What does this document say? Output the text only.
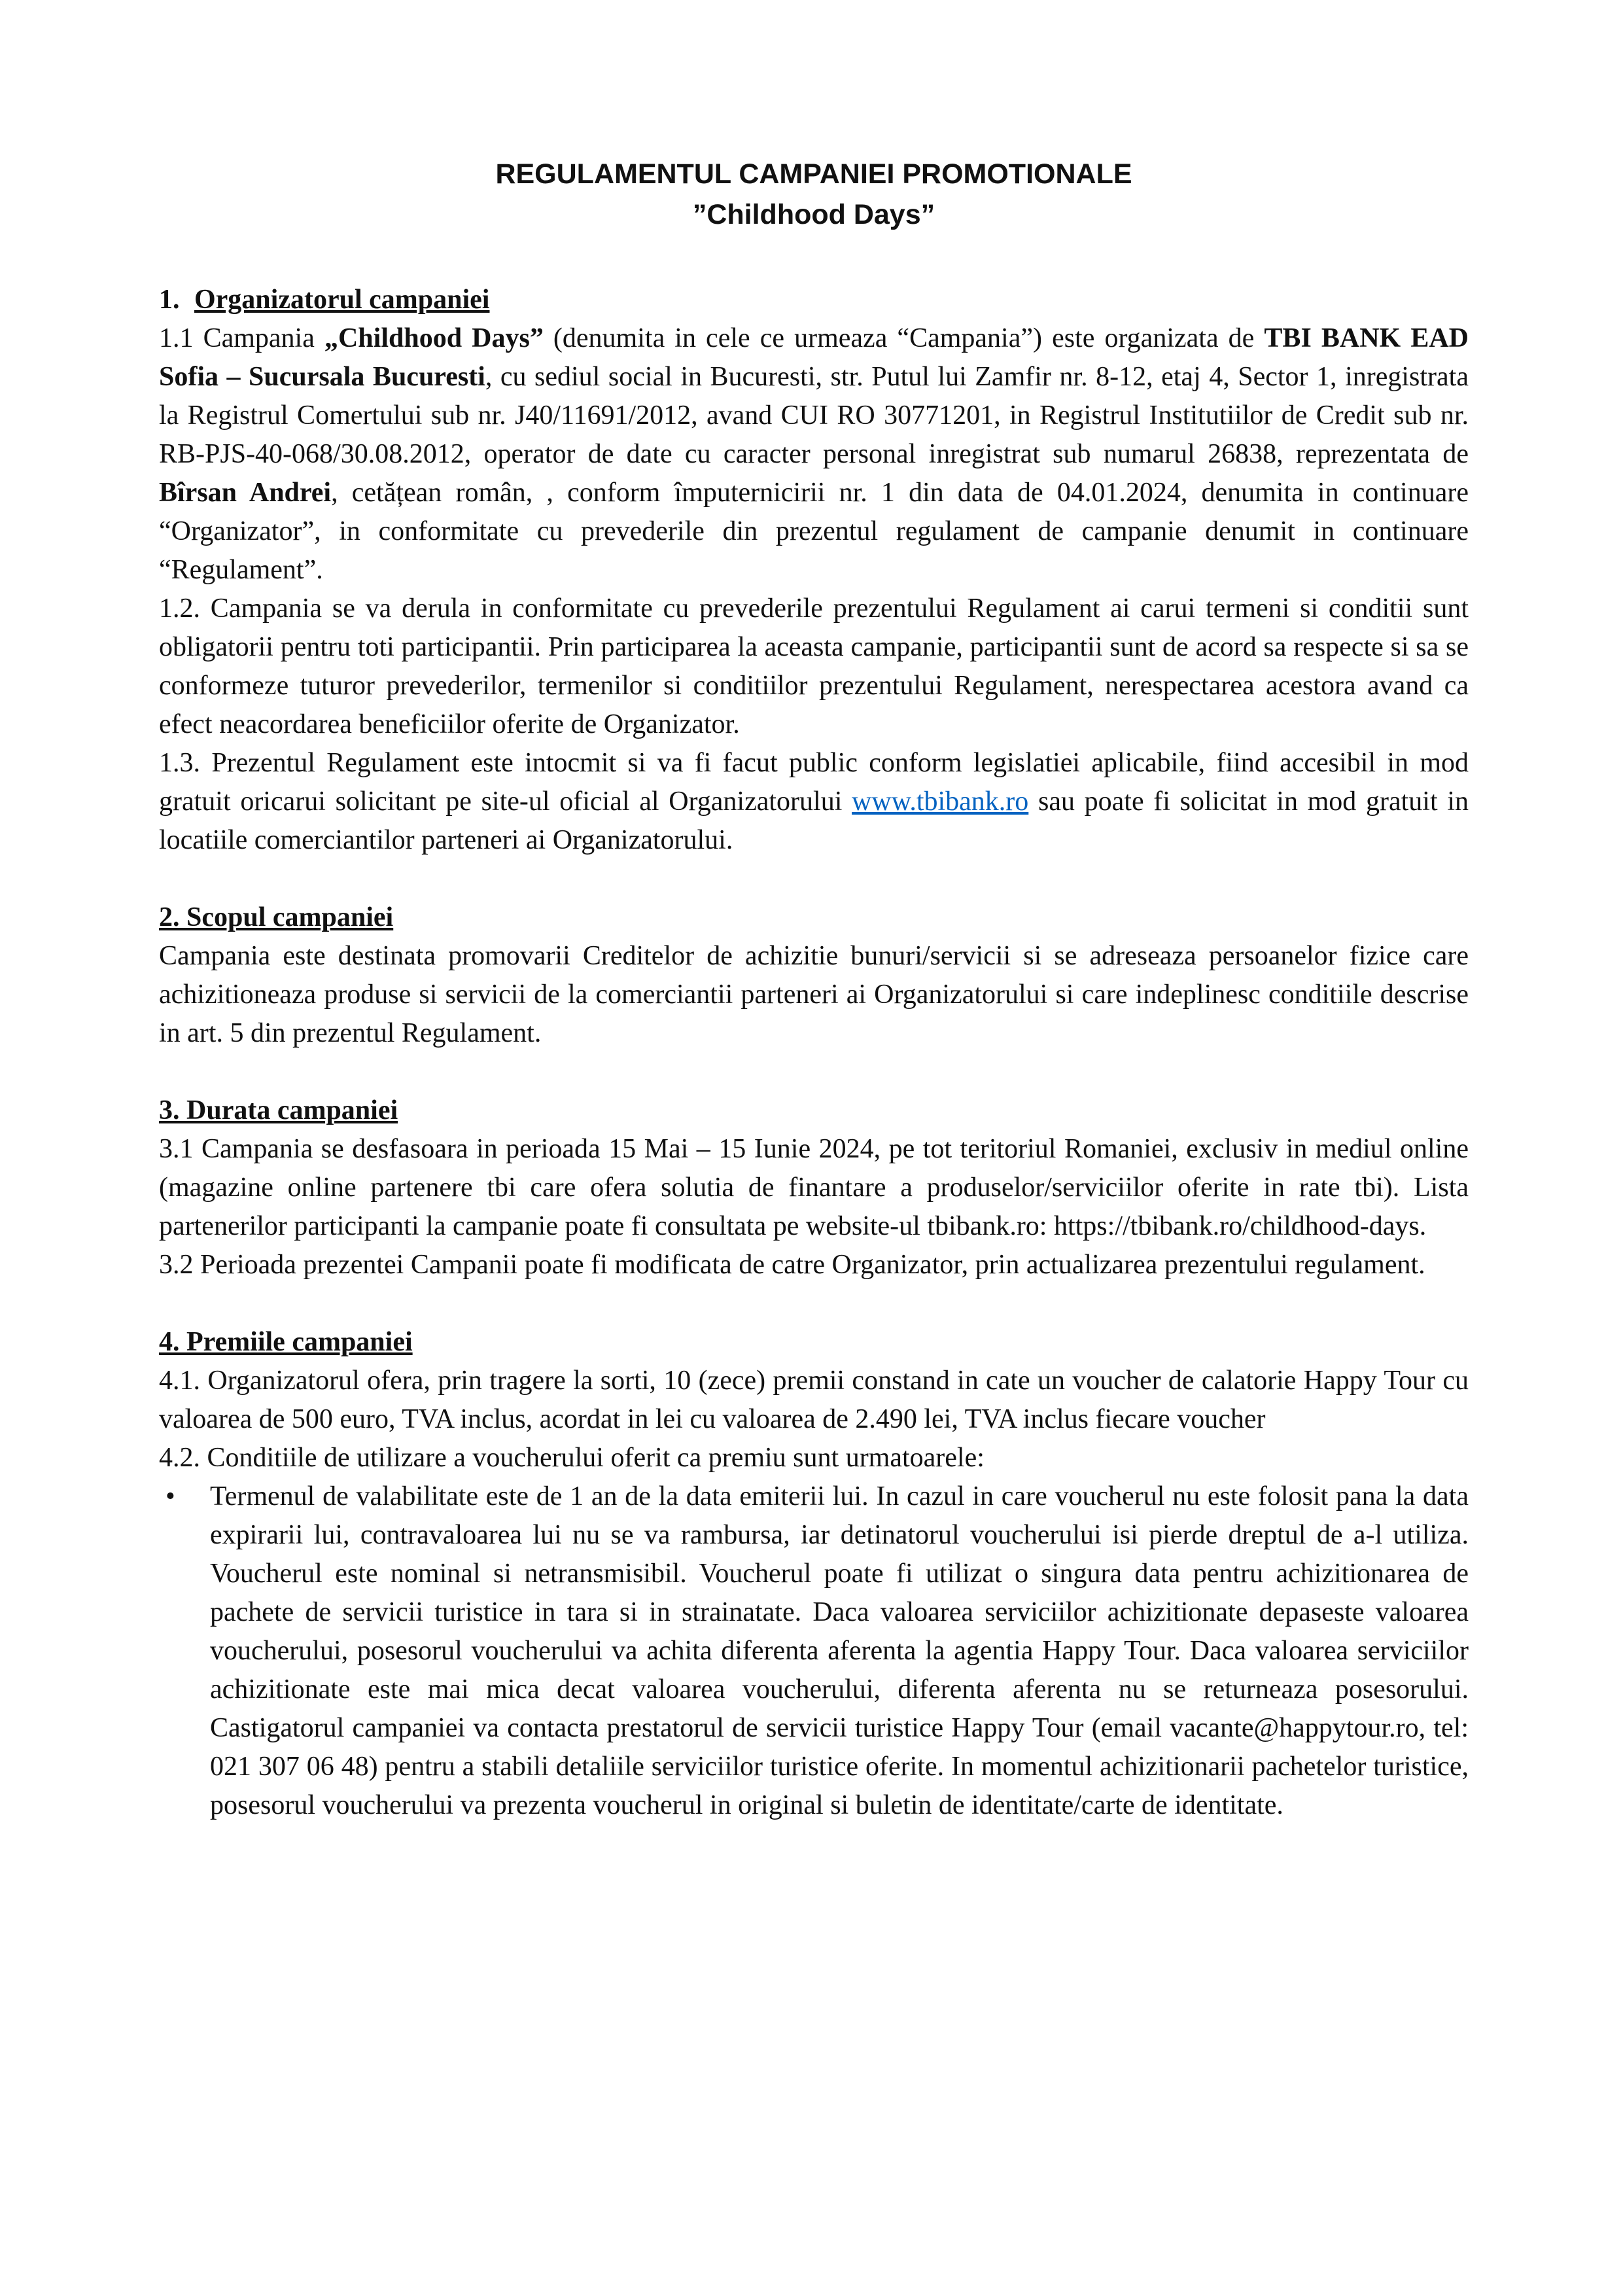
REGULAMENTUL CAMPANIEI PROMOTIONALE
”Childhood Days”
1. Organizatorul campaniei

1.1 Campania „Childhood Days” (denumita in cele ce urmeaza “Campania”) este organizata de TBI BANK EAD Sofia – Sucursala Bucuresti, cu sediul social in Bucuresti, str. Putul lui Zamfir nr. 8-12, etaj 4, Sector 1, inregistrata la Registrul Comertului sub nr. J40/11691/2012, avand CUI RO 30771201, in Registrul Institutiilor de Credit sub nr. RB-PJS-40-068/30.08.2012, operator de date cu caracter personal inregistrat sub numarul 26838, reprezentata de Bîrsan Andrei, cetățean român, , conform împuternicirii nr. 1 din data de 04.01.2024, denumita in continuare “Organizator”, in conformitate cu prevederile din prezentul regulament de campanie denumit in continuare “Regulament”.

1.2. Campania se va derula in conformitate cu prevederile prezentului Regulament ai carui termeni si conditii sunt obligatorii pentru toti participantii. Prin participarea la aceasta campanie, participantii sunt de acord sa respecte si sa se conformeze tuturor prevederilor, termenilor si conditiilor prezentului Regulament, nerespectarea acestora avand ca efect neacordarea beneficiilor oferite de Organizator.

1.3. Prezentul Regulament este intocmit si va fi facut public conform legislatiei aplicabile, fiind accesibil in mod gratuit oricarui solicitant pe site-ul oficial al Organizatorului www.tbibank.ro sau poate fi solicitat in mod gratuit in locatiile comerciantilor parteneri ai Organizatorului.

2. Scopul campaniei

Campania este destinata promovarii Creditelor de achizitie bunuri/servicii si se adreseaza persoanelor fizice care achizitioneaza produse si servicii de la comerciantii parteneri ai Organizatorului si care indeplinesc conditiile descrise in art. 5 din prezentul Regulament.

3. Durata campaniei

3.1 Campania se desfasoara in perioada 15 Mai – 15 Iunie 2024, pe tot teritoriul Romaniei, exclusiv in mediul online (magazine online partenere tbi care ofera solutia de finantare a produselor/serviciilor oferite in rate tbi). Lista partenerilor participanti la campanie poate fi consultata pe website-ul tbibank.ro: https://tbibank.ro/childhood-days.

3.2 Perioada prezentei Campanii poate fi modificata de catre Organizator, prin actualizarea prezentului regulament.

4. Premiile campaniei

4.1. Organizatorul ofera, prin tragere la sorti, 10 (zece) premii constand in cate un voucher de calatorie Happy Tour cu valoarea de 500 euro, TVA inclus, acordat in lei cu valoarea de 2.490 lei, TVA inclus fiecare voucher

4.2. Conditiile de utilizare a voucherului oferit ca premiu sunt urmatoarele:

• Termenul de valabilitate este de 1 an de la data emiterii lui. In cazul in care voucherul nu este folosit pana la data expirarii lui, contravaloarea lui nu se va rambursa, iar detinatorul voucherului isi pierde dreptul de a-l utiliza. Voucherul este nominal si netransmisibil. Voucherul poate fi utilizat o singura data pentru achizitionarea de pachete de servicii turistice in tara si in strainatate. Daca valoarea serviciilor achizitionate depaseste valoarea voucherului, posesorul voucherului va achita diferenta aferenta la agentia Happy Tour. Daca valoarea serviciilor achizitionate este mai mica decat valoarea voucherului, diferenta aferenta nu se returneaza posesorului. Castigatorul campaniei va contacta prestatorul de servicii turistice Happy Tour (email vacante@happytour.ro, tel: 021 307 06 48) pentru a stabili detaliile serviciilor turistice oferite. In momentul achizitionarii pachetelor turistice, posesorul voucherului va prezenta voucherul in original si buletin de identitate/carte de identitate.
